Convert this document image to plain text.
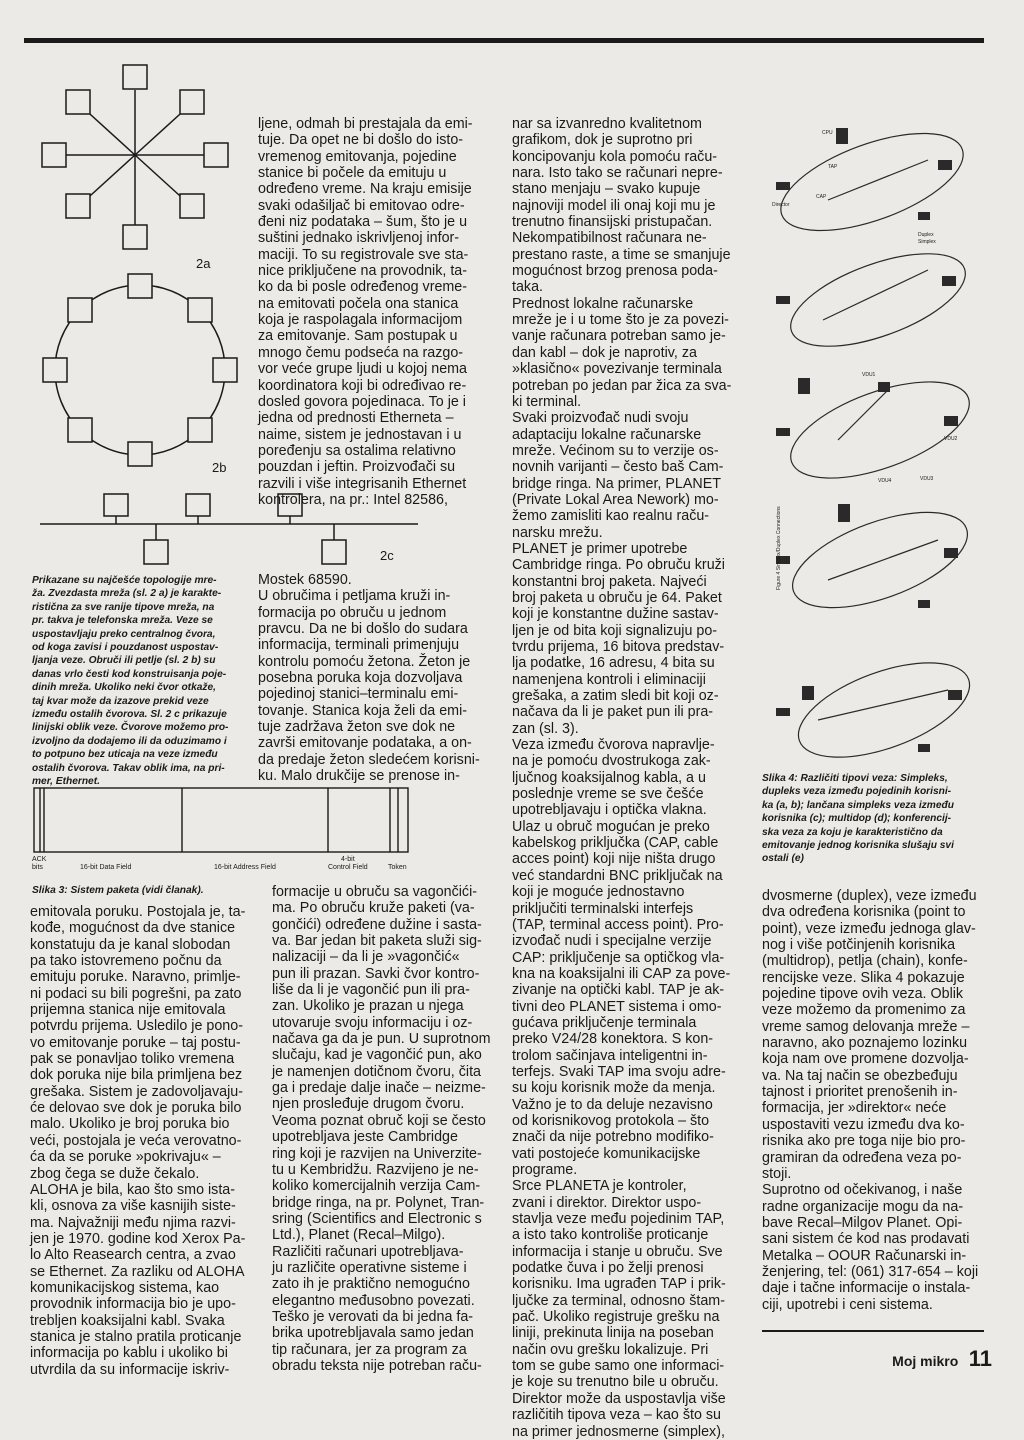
2a
2b
2c
Prikazane su najčešće topologije mre-
ža. Zvezdasta mreža (sl. 2 a) je karakte-
ristična za sve ranije tipove mreža, na
pr. takva je telefonska mreža. Veze se
uspostavljaju preko centralnog čvora,
od koga zavisi i pouzdanost uspostav-
ljanja veze. Obruči ili petlje (sl. 2 b) su
danas vrlo česti kod konstruisanja poje-
dinih mreža. Ukoliko neki čvor otkaže,
taj kvar može da izazove prekid veze
između ostalih čvorova. Sl. 2 c prikazuje
linijski oblik veze. Čvorove možemo pro-
izvoljno da dodajemo ili da oduzimamo i
to potpuno bez uticaja na veze između
ostalih čvorova. Takav oblik ima, na pri-
mer, Ethernet.
ljene, odmah bi prestajala da emi-
tuje. Da opet ne bi došlo do isto-
vremenog emitovanja, pojedine
stanice bi počele da emituju u
određeno vreme. Na kraju emisije
svaki odašiljač bi emitovao odre-
đeni niz podataka – šum, što je u
suštini jednako iskrivljenoj infor-
maciji. To su registrovale sve sta-
nice priključene na provodnik, ta-
ko da bi posle određenog vreme-
na emitovati počela ona stanica
koja je raspolagala informacijom
za emitovanje. Sam postupak u
mnogo čemu podseća na razgo-
vor veće grupe ljudi u kojoj nema
koordinatora koji bi određivao re-
dosled govora pojedinaca. To je i
jedna od prednosti Etherneta –
naime, sistem je jednostavan i u
poređenju sa ostalima relativno
pouzdan i jeftin. Proizvođači su
razvili i više integrisanih Ethernet
kontrolera, na pr.: Intel 82586,
Mostek 68590.
U obručima i petljama kruži in-
formacija po obruču u jednom
pravcu. Da ne bi došlo do sudara
informacija, terminali primenjuju
kontrolu pomoću žetona. Žeton je
posebna poruka koja dozvoljava
pojedinoj stanici–terminalu emi-
tovanje. Stanica koja želi da emi-
tuje zadržava žeton sve dok ne
završi emitovanje podataka, a on-
da predaje žeton sledećem korisni-
ku. Malo drukčije se prenose in-
nar sa izvanredno kvalitetnom
grafikom, dok je suprotno pri
koncipovanju kola pomoću raču-
nara. Isto tako se računari nepre-
stano menjaju – svako kupuje
najnoviji model ili onaj koji mu je
trenutno finansijski pristupačan.
Nekompatibilnost računara ne-
prestano raste, a time se smanjuje
mogućnost brzog prenosa poda-
taka.
Prednost lokalne računarske
mreže je i u tome što je za povezi-
vanje računara potreban samo je-
dan kabl – dok je naprotiv, za
»klasično« povezivanje terminala
potreban po jedan par žica za sva-
ki terminal.
Svaki proizvođač nudi svoju
adaptaciju lokalne računarske
mreže. Većinom su to verzije os-
novnih varijanti – često baš Cam-
bridge ringa. Na primer, PLANET
(Private Lokal Area Nework) mo-
žemo zamisliti kao realnu raču-
narsku mrežu.
PLANET je primer upotrebe
Cambridge ringa. Po obruču kruži
konstantni broj paketa. Najveći
broj paketa u obruču je 64. Paket
koji je konstantne dužine sastav-
ljen je od bita koji signalizuju po-
tvrdu prijema, 16 bitova predstav-
lja podatke, 16 adresu, 4 bita su
namenjena kontroli i eliminaciji
grešaka, a zatim sledi bit koji oz-
načava da li je paket pun ili pra-
zan (sl. 3).
Veza između čvorova napravlje-
na je pomoću dvostrukoga zak-
ljučnog koaksijalnog kabla, a u
poslednje vreme se sve češće
upotrebljavaju i optička vlakna.
Ulaz u obruč mogućan je preko
kabelskog priključka (CAP, cable
acces point) koji nije ništa drugo
već standardni BNC priključak na
koji je moguće jednostavno
priključiti terminalski interfejs
(TAP, terminal access point). Pro-
izvođač nudi i specijalne verzije
CAP: priključenje sa optičkog vla-
kna na koaksijalni ili CAP za pove-
zivanje na optički kabl. TAP je ak-
tivni deo PLANET sistema i omo-
gućava priključenje terminala
preko V24/28 konektora. S kon-
trolom sačinjava inteligentni in-
terfejs. Svaki TAP ima svoju adre-
su koju korisnik može da menja.
Važno je to da deluje nezavisno
od korisnikovog protokola – što
znači da nije potrebno modifiko-
vati postojeće komunikacijske
programe.
Srce PLANETA je kontroler,
zvani i direktor. Direktor uspo-
stavlja veze među pojedinim TAP,
a isto tako kontroliše proticanje
informacija i stanje u obruču. Sve
podatke čuva i po želji prenosi
korisniku. Ima ugrađen TAP i prik-
ljučke za terminal, odnosno štam-
pač. Ukoliko registruje grešku na
liniji, prekinuta linija na poseban
način ovu grešku lokalizuje. Pri
tom se gube samo one informaci-
je koje su trenutno bile u obruču.
Direktor može da uspostavlja više
različitih tipova veza – kao što su
na primer jednosmerne (simplex),
CPU
TAP
Director
CAP
Duplex
Simplex
VDU1
VDU2
VDU3
VDU4
Figure 4 Simplex/Duplex Connections
Slika 4: Različiti tipovi veza: Simpleks,
dupleks veza između pojedinih korisni-
ka (a, b); lančana simpleks veza između
korisnika (c); multidop (d); konferencij-
ska veza za koju je karakteristično da
emitovanje jednog korisnika slušaju svi
ostali (e)
ACK
bits	16-bit Data Field	16-bit Address Field
4-bit
Control Field	Token
Slika 3: Sistem paketa (vidi članak).
emitovala poruku. Postojala je, ta-
kođe, mogućnost da dve stanice
konstatuju da je kanal slobodan
pa tako istovremeno počnu da
emituju poruke. Naravno, primlje-
ni podaci su bili pogrešni, pa zato
prijemna stanica nije emitovala
potvrdu prijema. Usledilo je pono-
vo emitovanje poruke – taj postu-
pak se ponavljao toliko vremena
dok poruka nije bila primljena bez
grešaka. Sistem je zadovoljavaju-
će delovao sve dok je poruka bilo
malo. Ukoliko je broj poruka bio
veći, postojala je veća verovatno-
ća da se poruke »pokrivaju« –
zbog čega se duže čekalo.
ALOHA je bila, kao što smo ista-
kli, osnova za više kasnijih siste-
ma. Najvažniji među njima razvi-
jen je 1970. godine kod Xerox Pa-
lo Alto Reasearch centra, a zvao
se Ethernet. Za razliku od ALOHA
komunikacijskog sistema, kao
provodnik informacija bio je upo-
trebljen koaksijalni kabl. Svaka
stanica je stalno pratila proticanje
informacija po kablu i ukoliko bi
utvrdila da su informacije iskriv-
formacije u obruču sa vagončići-
ma. Po obruču kruže paketi (va-
gončići) određene dužine i sasta-
va. Bar jedan bit paketa služi sig-
nalizaciji – da li je »vagončić«
pun ili prazan. Savki čvor kontro-
liše da li je vagončić pun ili pra-
zan. Ukoliko je prazan u njega
utovaruje svoju informaciju i oz-
načava ga da je pun. U suprotnom
slučaju, kad je vagončić pun, ako
je namenjen dotičnom čvoru, čita
ga i predaje dalje inače – neizme-
njen prosleđuje drugom čvoru.
Veoma poznat obruč koji se često
upotrebljava jeste Cambridge
ring koji je razvijen na Univerzite-
tu u Kembridžu. Razvijeno je ne-
koliko komercijalnih verzija Cam-
bridge ringa, na pr. Polynet, Tran-
sring (Scientifics and Electronic s
Ltd.), Planet (Recal–Milgo).
Različiti računari upotrebljava-
ju različite operativne sisteme i
zato ih je praktično nemogućno
elegantno međusobno povezati.
Teško je verovati da bi jedna fa-
brika upotrebljavala samo jedan
tip računara, jer za program za
obradu teksta nije potreban raču-
dvosmerne (duplex), veze između
dva određena korisnika (point to
point), veze između jednoga glav-
nog i više potčinjenih korisnika
(multidrop), petlja (chain), konfe-
rencijske veze. Slika 4 pokazuje
pojedine tipove ovih veza. Oblik
veze možemo da promenimo za
vreme samog delovanja mreže –
naravno, ako poznajemo lozinku
koja nam ove promene dozvolja-
va. Na taj način se obezbeđuju
tajnost i prioritet prenošenih in-
formacija, jer »direktor« neće
uspostaviti vezu između dva ko-
risnika ako pre toga nije bio pro-
gramiran da određena veza po-
stoji.
Suprotno od očekivanog, i naše
radne organizacije mogu da na-
bave Recal–Milgov Planet. Opi-
sani sistem će kod nas prodavati
Metalka – OOUR Računarski in-
ženjering, tel: (061) 317-654 – koji
daje i tačne informacije o instala-
ciji, upotrebi i ceni sistema.
Moj mikro 11
